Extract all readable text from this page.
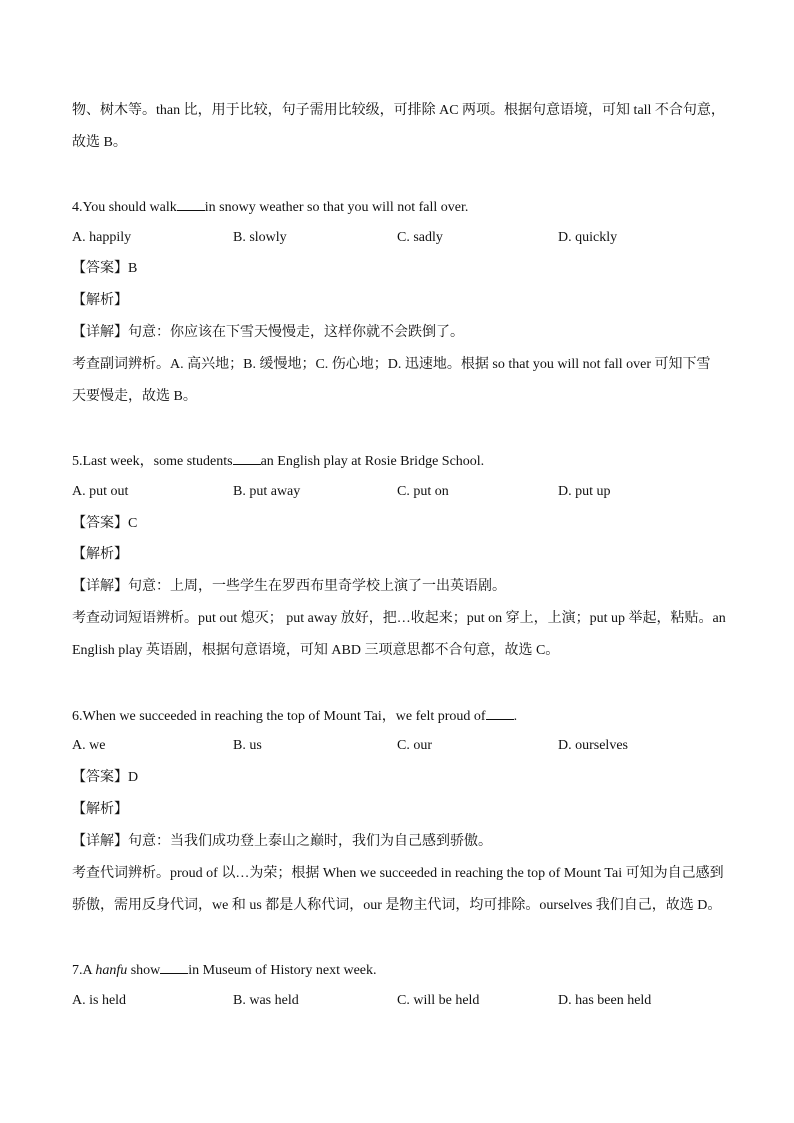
物、树木等。than 比，用于比较，句子需用比较级，可排除 AC 两项。根据句意语境，可知 tall 不合句意，
故选 B。
4.You should walk in snowy weather so that you will not fall over.
A. happily	B. slowly	C. sadly	D. quickly
【答案】B
【解析】
【详解】句意：你应该在下雪天慢慢走，这样你就不会跌倒了。
考查副词辨析。A. 高兴地；B. 缓慢地；C. 伤心地；D. 迅速地。根据 so that you will not fall over 可知下雪
天要慢走，故选 B。
5.Last week，some students an English play at Rosie Bridge School.
A. put out	B. put away	C. put on	D. put up
【答案】C
【解析】
【详解】句意：上周，一些学生在罗西布里奇学校上演了一出英语剧。
考查动词短语辨析。put out 熄灭； put away 放好，把…收起来；put on 穿上，上演；put up 举起，粘贴。an
English play 英语剧，根据句意语境，可知 ABD 三项意思都不合句意，故选 C。
6.When we succeeded in reaching the top of Mount Tai，we felt proud of .
A. we	B. us	C. our	D. ourselves
【答案】D
【解析】
【详解】句意：当我们成功登上泰山之巅时，我们为自己感到骄傲。
考查代词辨析。proud of 以…为荣；根据 When we succeeded in reaching the top of Mount Tai 可知为自己感到
骄傲，需用反身代词，we 和 us 都是人称代词，our 是物主代词，均可排除。ourselves 我们自己，故选 D。
7.A hanfu show in Museum of History next week.
A. is held	B. was held	C. will be held	D. has been held
